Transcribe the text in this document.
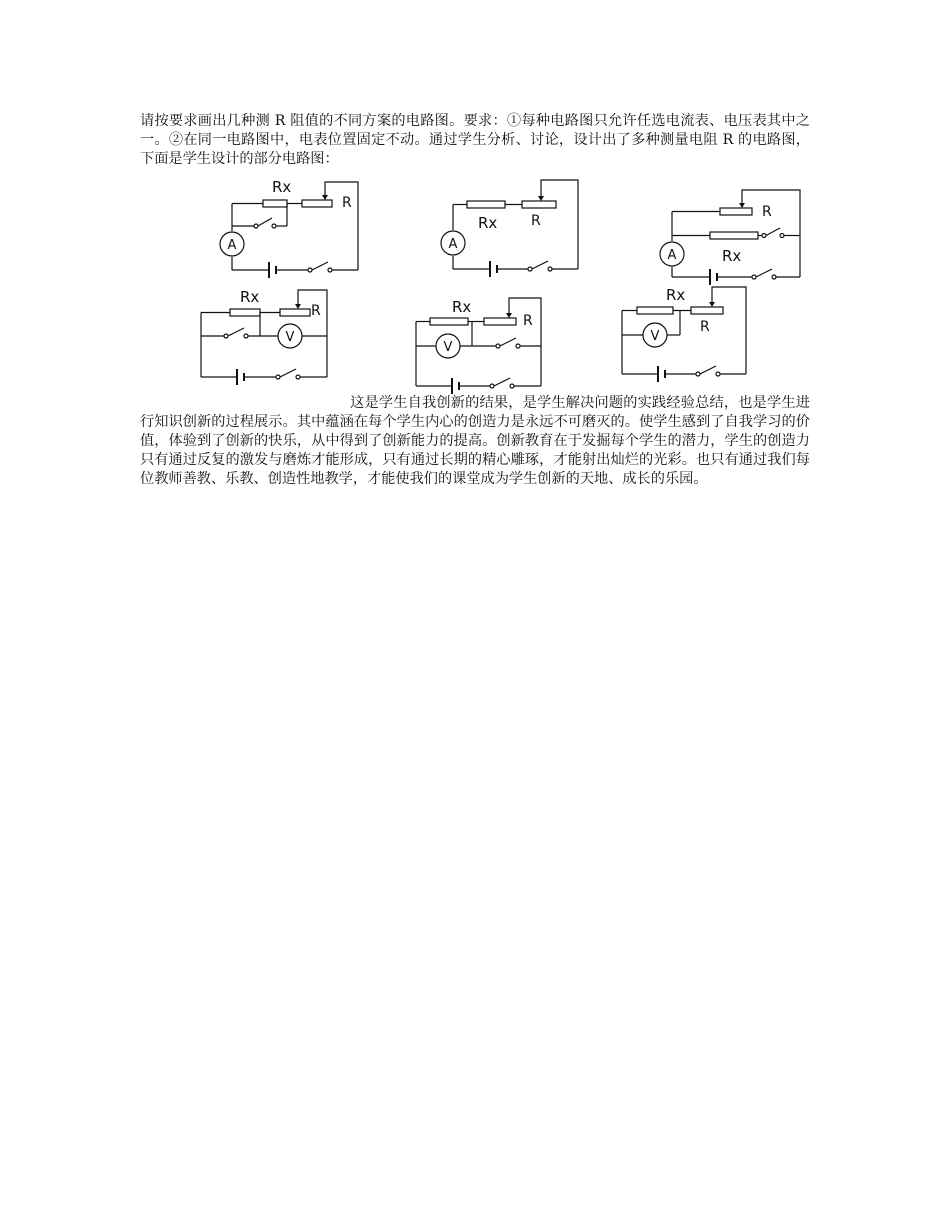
请按要求画出几种测 R 阻值的不同方案的电路图。要求：①每种电路图只允许任选电流表、电压表其中之一。②在同一电路图中，电表位置固定不动。通过学生分析、讨论，设计出了多种测量电阻 R 的电路图，下面是学生设计的部分电路图：

A
Rx
R
A
Rx R
A	Rx
R
V
Rx
R
V
Rx
R
V
Rx
R

这是学生自我创新的结果，是学生解决问题的实践经验总结，也是学生进行知识创新的过程展示。其中蕴涵在每个学生内心的创造力是永远不可磨灭的。使学生感到了自我学习的价值，体验到了创新的快乐，从中得到了创新能力的提高。创新教育在于发掘每个学生的潜力，学生的创造力只有通过反复的激发与磨炼才能形成，只有通过长期的精心雕琢，才能射出灿烂的光彩。也只有通过我们每位教师善教、乐教、创造性地教学，才能使我们的课堂成为学生创新的天地、成长的乐园。
